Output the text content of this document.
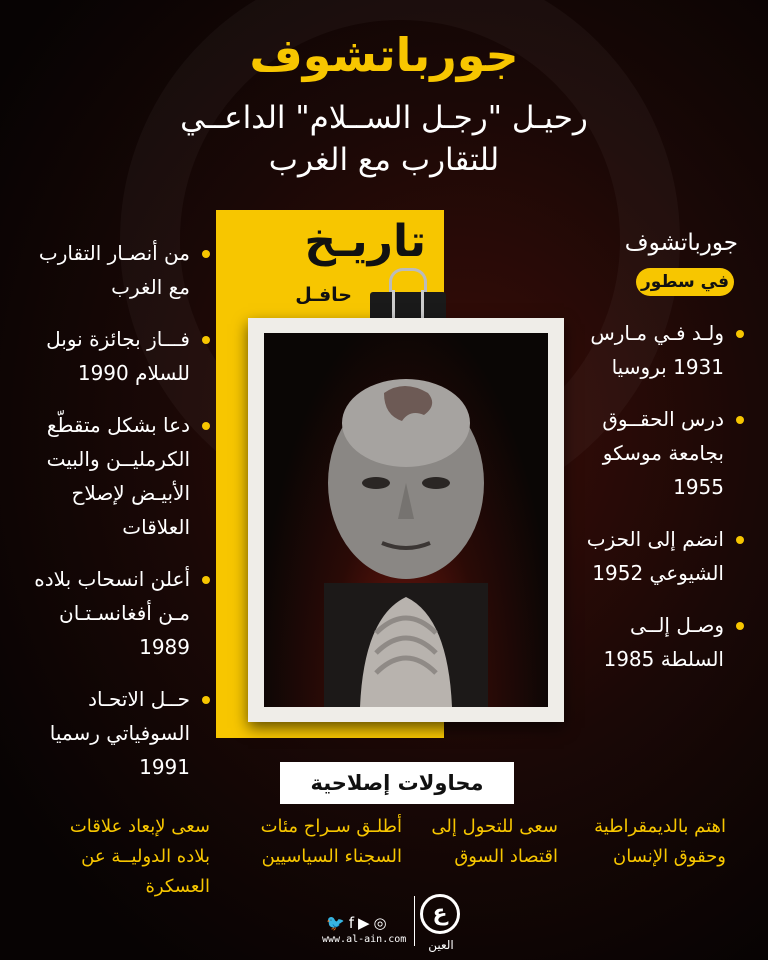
جورباتشوف
رحيـل "رجـل الســلام" الداعــي
للتقارب مع الغرب
تاريـخ
حافـل
جورباتشوف
في سطور
ولـد فـي مـارس 1931 بروسيا
درس الحقــوق بجامعة موسكو 1955
انضم إلى الحزب الشيوعي 1952
وصـل إلــى السلطة 1985
من أنصـار التقارب مع الغرب
فـــاز بجائزة نوبل للسلام 1990
دعا بشكل متقطّع الكرمليــن والبيت الأبيـض لإصلاح العلاقات
أعلن انسحاب بلاده مـن أفغانسـتـان 1989
حــل الاتحـاد السوفياتي رسميا 1991
محاولات إصلاحية
اهتم بالديمقراطية وحقوق الإنسان
سعى للتحول إلى اقتصاد السوق
أطلـق سـراح مئات السجناء السياسيين
سعى لإبعاد علاقات بلاده الدوليــة عن العسكرة
🐦f▶◎
www.al-ain.com
ع
العين
